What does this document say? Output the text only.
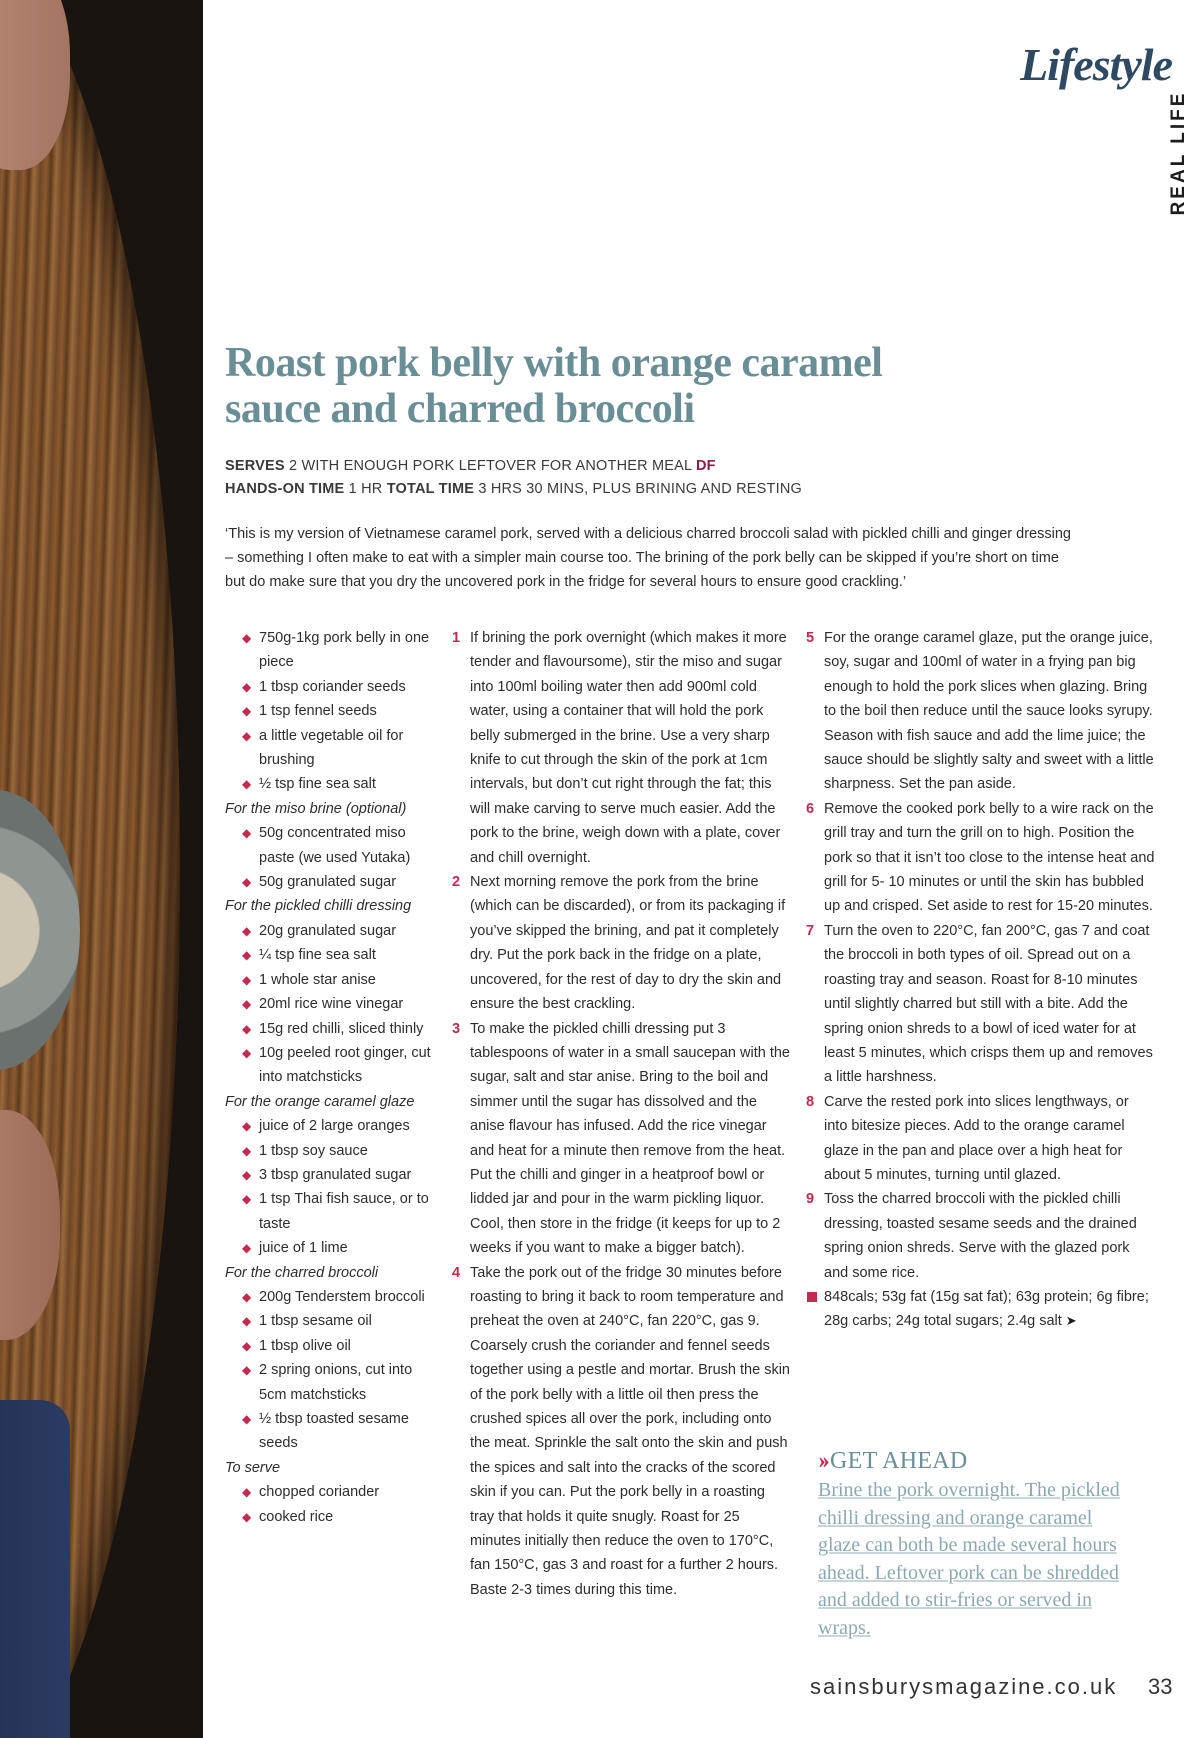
Lifestyle
REAL LIFE
Roast pork belly with orange caramel
sauce and charred broccoli
SERVES 2 WITH ENOUGH PORK LEFTOVER FOR ANOTHER MEAL DF
HANDS-ON TIME 1 HR TOTAL TIME 3 HRS 30 MINS, PLUS BRINING AND RESTING

‘This is my version of Vietnamese caramel pork, served with a delicious charred broccoli salad with pickled chilli and ginger dressing – something I often make to eat with a simpler main course too. The brining of the pork belly can be skipped if you’re short on time but do make sure that you dry the uncovered pork in the fridge for several hours to ensure good crackling.’

◆ 750g-1kg pork belly in one piece
◆ 1 tbsp coriander seeds
◆ 1 tsp fennel seeds
◆ a little vegetable oil for brushing
◆ ½ tsp fine sea salt
For the miso brine (optional)
◆ 50g concentrated miso paste (we used Yutaka)
◆ 50g granulated sugar
For the pickled chilli dressing
◆ 20g granulated sugar
◆ ¼ tsp fine sea salt
◆ 1 whole star anise
◆ 20ml rice wine vinegar
◆ 15g red chilli, sliced thinly
◆ 10g peeled root ginger, cut into matchsticks
For the orange caramel glaze
◆ juice of 2 large oranges
◆ 1 tbsp soy sauce
◆ 3 tbsp granulated sugar
◆ 1 tsp Thai fish sauce, or to taste
◆ juice of 1 lime
For the charred broccoli
◆ 200g Tenderstem broccoli
◆ 1 tbsp sesame oil
◆ 1 tbsp olive oil
◆ 2 spring onions, cut into 5cm matchsticks
◆ ½ tbsp toasted sesame seeds
To serve
◆ chopped coriander
◆ cooked rice
1 If brining the pork overnight (which makes it more tender and flavoursome), stir the miso and sugar into 100ml boiling water then add 900ml cold water, using a container that will hold the pork belly submerged in the brine. Use a very sharp knife to cut through the skin of the pork at 1cm intervals, but don’t cut right through the fat; this will make carving to serve much easier. Add the pork to the brine, weigh down with a plate, cover and chill overnight.
2 Next morning remove the pork from the brine (which can be discarded), or from its packaging if you’ve skipped the brining, and pat it completely dry. Put the pork back in the fridge on a plate, uncovered, for the rest of day to dry the skin and ensure the best crackling.
3 To make the pickled chilli dressing put 3 tablespoons of water in a small saucepan with the sugar, salt and star anise. Bring to the boil and simmer until the sugar has dissolved and the anise flavour has infused. Add the rice vinegar and heat for a minute then remove from the heat. Put the chilli and ginger in a heatproof bowl or lidded jar and pour in the warm pickling liquor. Cool, then store in the fridge (it keeps for up to 2 weeks if you want to make a bigger batch).
4 Take the pork out of the fridge 30 minutes before roasting to bring it back to room temperature and preheat the oven at 240°C, fan 220°C, gas 9. Coarsely crush the coriander and fennel seeds together using a pestle and mortar. Brush the skin of the pork belly with a little oil then press the crushed spices all over the pork, including onto the meat. Sprinkle the salt onto the skin and push the spices and salt into the cracks of the scored skin if you can. Put the pork belly in a roasting tray that holds it quite snugly. Roast for 25 minutes initially then reduce the oven to 170°C, fan 150°C, gas 3 and roast for a further 2 hours. Baste 2-3 times during this time.
5 For the orange caramel glaze, put the orange juice, soy, sugar and 100ml of water in a frying pan big enough to hold the pork slices when glazing. Bring to the boil then reduce until the sauce looks syrupy. Season with fish sauce and add the lime juice; the sauce should be slightly salty and sweet with a little sharpness. Set the pan aside.
6 Remove the cooked pork belly to a wire rack on the grill tray and turn the grill on to high. Position the pork so that it isn’t too close to the intense heat and grill for 5- 10 minutes or until the skin has bubbled up and crisped. Set aside to rest for 15-20 minutes.
7 Turn the oven to 220°C, fan 200°C, gas 7 and coat the broccoli in both types of oil. Spread out on a roasting tray and season. Roast for 8-10 minutes until slightly charred but still with a bite. Add the spring onion shreds to a bowl of iced water for at least 5 minutes, which crisps them up and removes a little harshness.
8 Carve the rested pork into slices lengthways, or into bitesize pieces. Add to the orange caramel glaze in the pan and place over a high heat for about 5 minutes, turning until glazed.
9 Toss the charred broccoli with the pickled chilli dressing, toasted sesame seeds and the drained spring onion shreds. Serve with the glazed pork and some rice.
848cals; 53g fat (15g sat fat); 63g protein; 6g fibre; 28g carbs; 24g total sugars; 2.4g salt ➤
›› GET AHEAD
Brine the pork overnight. The pickled chilli dressing and orange caramel glaze can both be made several hours ahead. Leftover pork can be shredded and added to stir-fries or served in wraps.
sainsburysmagazine.co.uk 33
